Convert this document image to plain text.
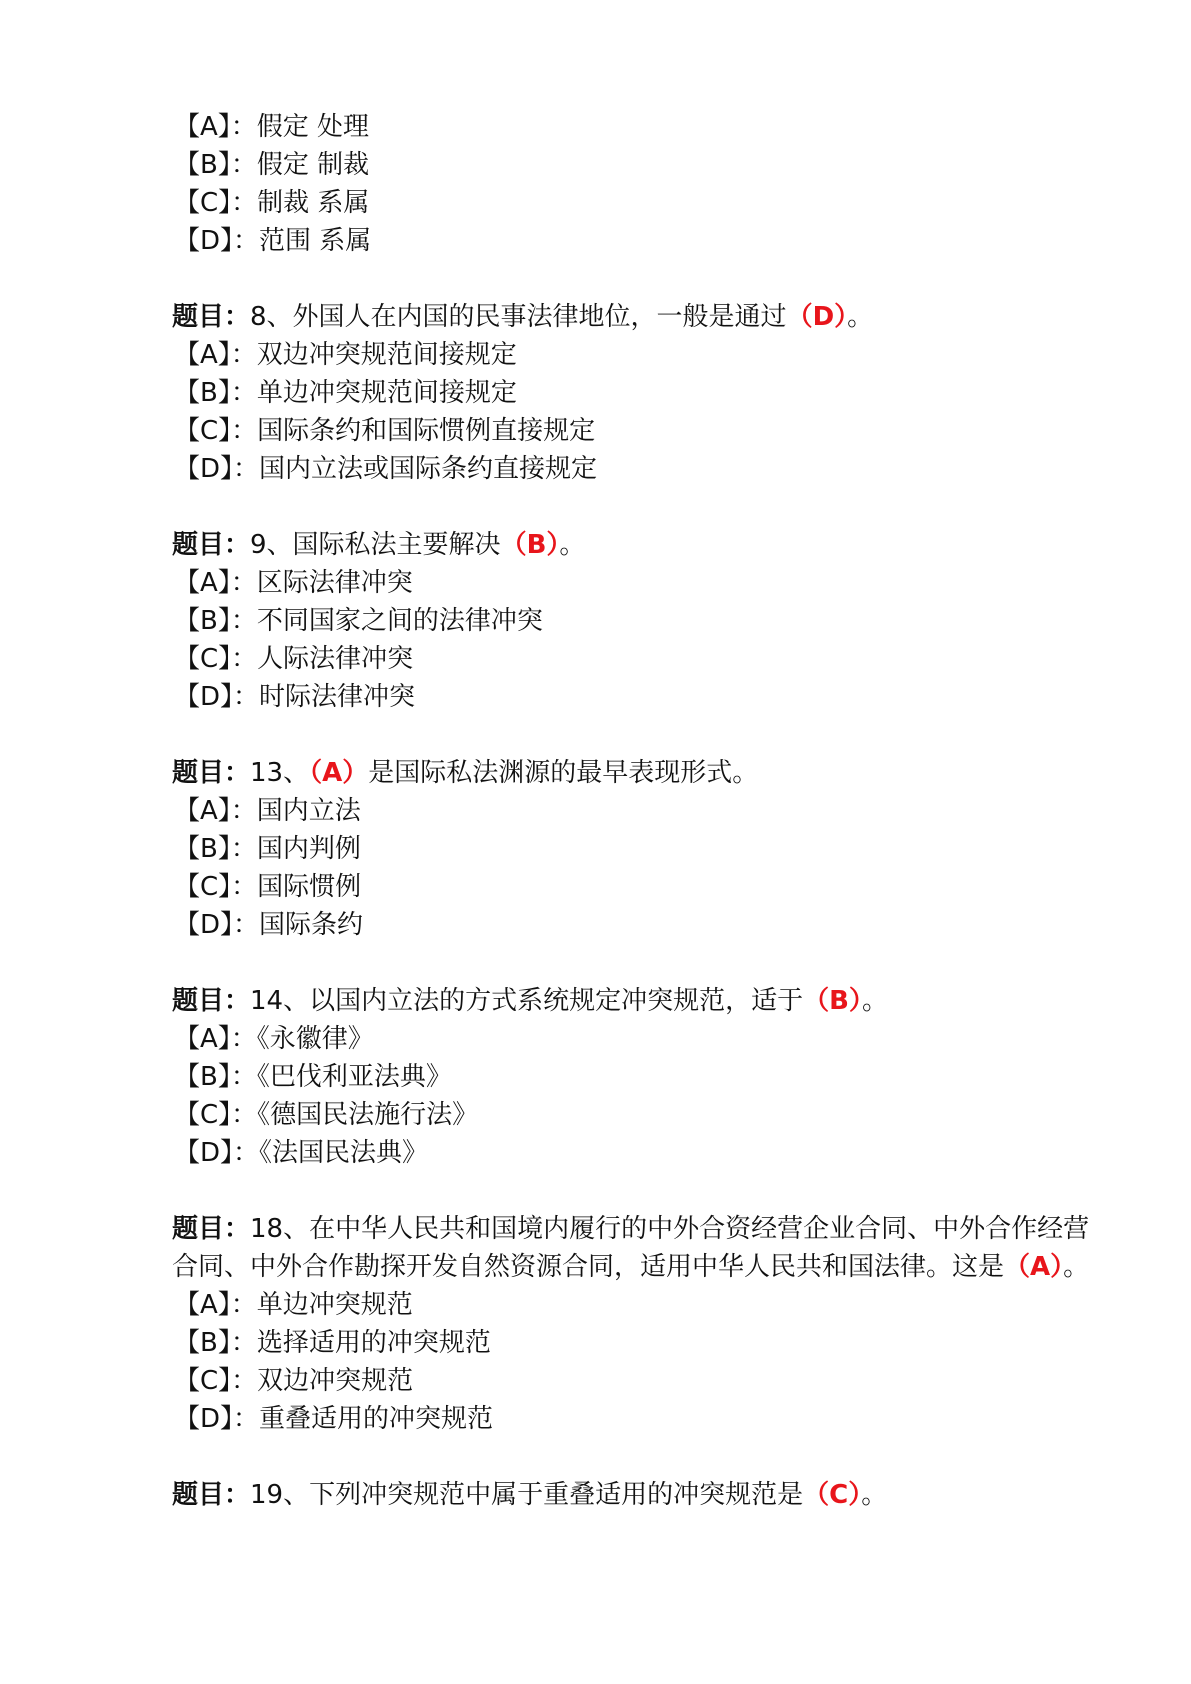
【A】：假定 处理
【B】：假定 制裁
【C】：制裁 系属
【D】：范围 系属
题目：8、外国人在内国的民事法律地位，一般是通过（D）。
【A】：双边冲突规范间接规定
【B】：单边冲突规范间接规定
【C】：国际条约和国际惯例直接规定
【D】：国内立法或国际条约直接规定
题目：9、国际私法主要解决（B）。
【A】：区际法律冲突
【B】：不同国家之间的法律冲突
【C】：人际法律冲突
【D】：时际法律冲突
题目：13、（A）是国际私法渊源的最早表现形式。
【A】：国内立法
【B】：国内判例
【C】：国际惯例
【D】：国际条约
题目：14、以国内立法的方式系统规定冲突规范，适于（B）。
【A】：《永徽律》
【B】：《巴伐利亚法典》
【C】：《德国民法施行法》
【D】：《法国民法典》
题目：18、在中华人民共和国境内履行的中外合资经营企业合同、中外合作经营合同、中外合作勘探开发自然资源合同，适用中华人民共和国法律。这是（A）。
【A】：单边冲突规范
【B】：选择适用的冲突规范
【C】：双边冲突规范
【D】：重叠适用的冲突规范
题目：19、下列冲突规范中属于重叠适用的冲突规范是（C）。
